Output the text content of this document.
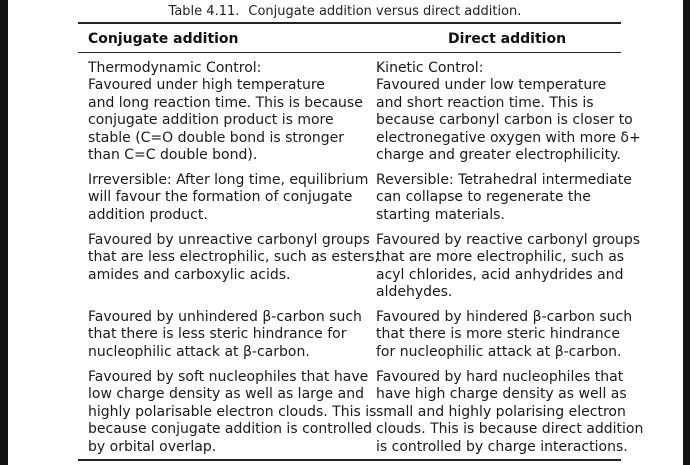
Table 4.11. Conjugate addition versus direct addition.
Conjugate addition	Direct addition
Thermodynamic Control:
Favoured under high temperature
and long reaction time. This is because
conjugate addition product is more
stable (C=O double bond is stronger
than C=C double bond).
Kinetic Control:
Favoured under low temperature
and short reaction time. This is
because carbonyl carbon is closer to
electronegative oxygen with more δ+
charge and greater electrophilicity.
Irreversible: After long time, equilibrium
will favour the formation of conjugate
addition product.
Reversible: Tetrahedral intermediate
can collapse to regenerate the
starting materials.
Favoured by unreactive carbonyl groups
that are less electrophilic, such as esters,
amides and carboxylic acids.
Favoured by reactive carbonyl groups
that are more electrophilic, such as
acyl chlorides, acid anhydrides and
aldehydes.
Favoured by unhindered β-carbon such
that there is less steric hindrance for
nucleophilic attack at β-carbon.
Favoured by hindered β-carbon such
that there is more steric hindrance
for nucleophilic attack at β-carbon.
Favoured by soft nucleophiles that have
low charge density as well as large and
highly polarisable electron clouds. This is
because conjugate addition is controlled
by orbital overlap.
Favoured by hard nucleophiles that
have high charge density as well as
small and highly polarising electron
clouds. This is because direct addition
is controlled by charge interactions.
